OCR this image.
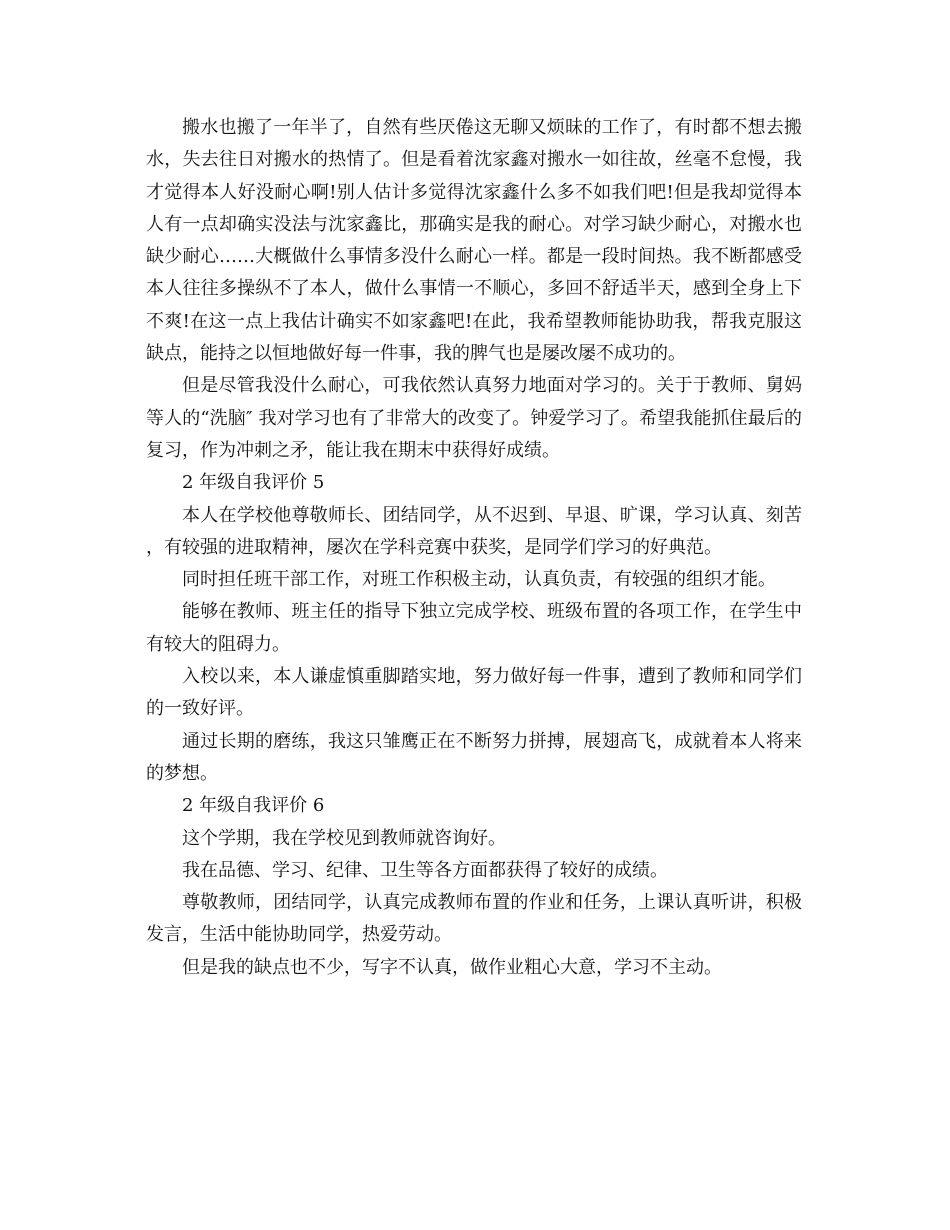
搬水也搬了一年半了，自然有些厌倦这无聊又烦昧的工作了，有时都不想去搬水，失去往日对搬水的热情了。但是看着沈家鑫对搬水一如往故，丝毫不怠慢，我才觉得本人好没耐心啊!别人估计多觉得沈家鑫什么多不如我们吧!但是我却觉得本人有一点却确实没法与沈家鑫比，那确实是我的耐心。对学习缺少耐心，对搬水也缺少耐心……大概做什么事情多没什么耐心一样。都是一段时间热。我不断都感受本人往往多操纵不了本人，做什么事情一不顺心，多回不舒适半天，感到全身上下不爽!在这一点上我估计确实不如家鑫吧!在此，我希望教师能协助我，帮我克服这缺点，能持之以恒地做好每一件事，我的脾气也是屡改屡不成功的。

但是尽管我没什么耐心，可我依然认真努力地面对学习的。关于于教师、舅妈等人的“洗脑″ 我对学习也有了非常大的改变了。钟爱学习了。希望我能抓住最后的复习，作为冲刺之矛，能让我在期末中获得好成绩。

2 年级自我评价 5

本人在学校他尊敬师长、团结同学，从不迟到、早退、旷课，学习认真、刻苦，有较强的进取精神，屡次在学科竞赛中获奖，是同学们学习的好典范。

同时担任班干部工作，对班工作积极主动，认真负责，有较强的组织才能。

能够在教师、班主任的指导下独立完成学校、班级布置的各项工作，在学生中有较大的阻碍力。

入校以来，本人谦虚慎重脚踏实地，努力做好每一件事，遭到了教师和同学们的一致好评。

通过长期的磨练，我这只雏鹰正在不断努力拼搏，展翅高飞，成就着本人将来的梦想。

2 年级自我评价 6

这个学期，我在学校见到教师就咨询好。

我在品德、学习、纪律、卫生等各方面都获得了较好的成绩。

尊敬教师，团结同学，认真完成教师布置的作业和任务，上课认真听讲，积极发言，生活中能协助同学，热爱劳动。

但是我的缺点也不少，写字不认真，做作业粗心大意，学习不主动。
